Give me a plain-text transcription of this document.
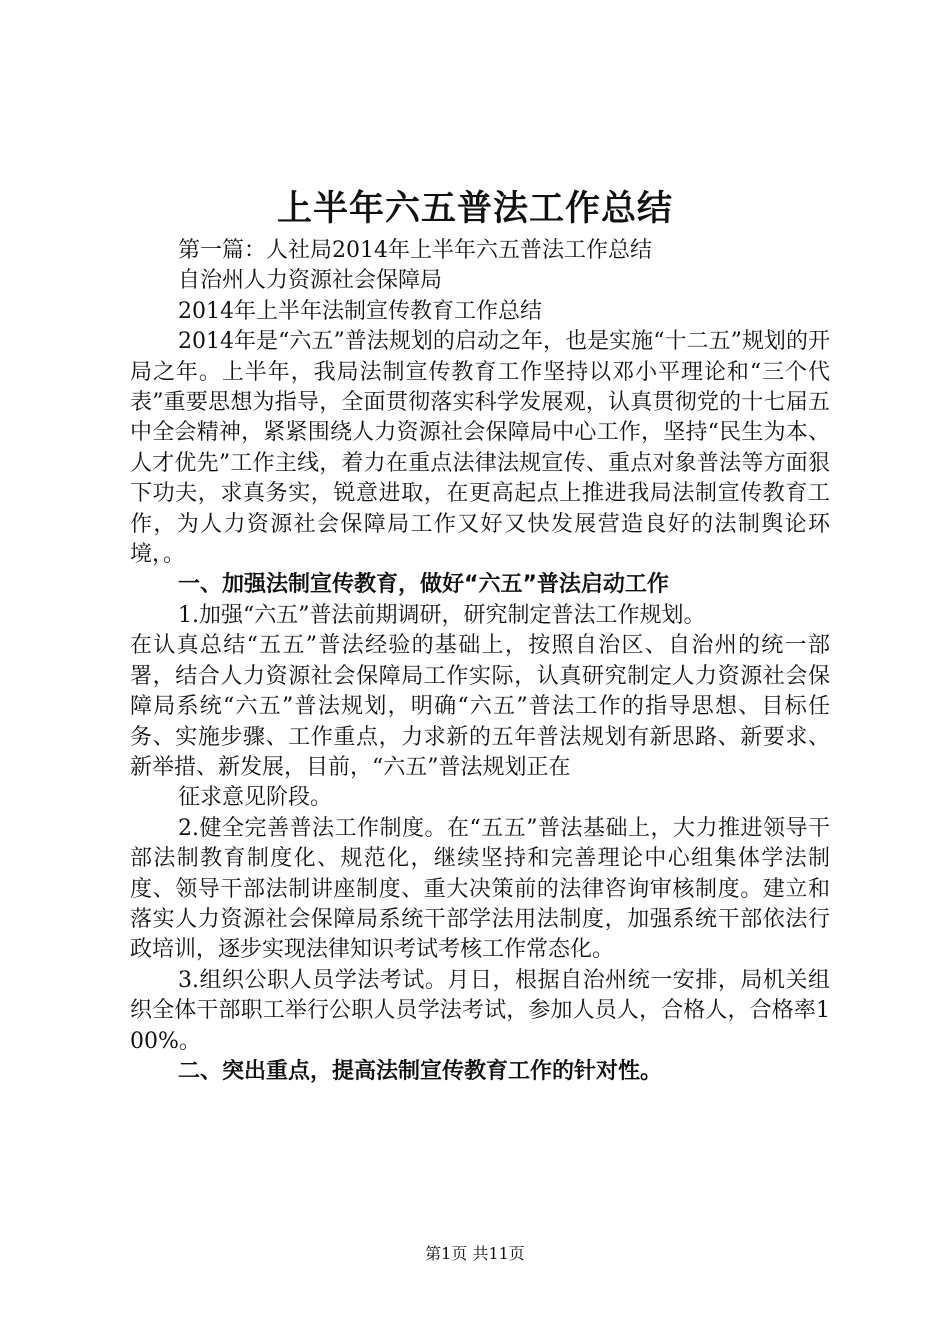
上半年六五普法工作总结

第一篇：人社局2014年上半年六五普法工作总结

自治州人力资源社会保障局

2014年上半年法制宣传教育工作总结

2014年是“六五”普法规划的启动之年，也是实施“十二五”规划的开局之年。上半年，我局法制宣传教育工作坚持以邓小平理论和“三个代表”重要思想为指导，全面贯彻落实科学发展观，认真贯彻党的十七届五中全会精神，紧紧围绕人力资源社会保障局中心工作，坚持“民生为本、人才优先”工作主线，着力在重点法律法规宣传、重点对象普法等方面狠下功夫，求真务实，锐意进取，在更高起点上推进我局法制宣传教育工作，为人力资源社会保障局工作又好又快发展营造良好的法制舆论环境，。

一、加强法制宣传教育，做好“六五”普法启动工作

1.加强“六五”普法前期调研，研究制定普法工作规划。

在认真总结“五五”普法经验的基础上，按照自治区、自治州的统一部署，结合人力资源社会保障局工作实际，认真研究制定人力资源社会保障局系统“六五”普法规划，明确“六五”普法工作的指导思想、目标任务、实施步骤、工作重点，力求新的五年普法规划有新思路、新要求、新举措、新发展，目前，“六五”普法规划正在

征求意见阶段。

2.健全完善普法工作制度。在“五五”普法基础上，大力推进领导干部法制教育制度化、规范化，继续坚持和完善理论中心组集体学法制度、领导干部法制讲座制度、重大决策前的法律咨询审核制度。建立和落实人力资源社会保障局系统干部学法用法制度，加强系统干部依法行政培训，逐步实现法律知识考试考核工作常态化。

3.组织公职人员学法考试。月日，根据自治州统一安排，局机关组织全体干部职工举行公职人员学法考试，参加人员人，合格人，合格率100%。

二、突出重点，提高法制宣传教育工作的针对性。

第1页 共11页
